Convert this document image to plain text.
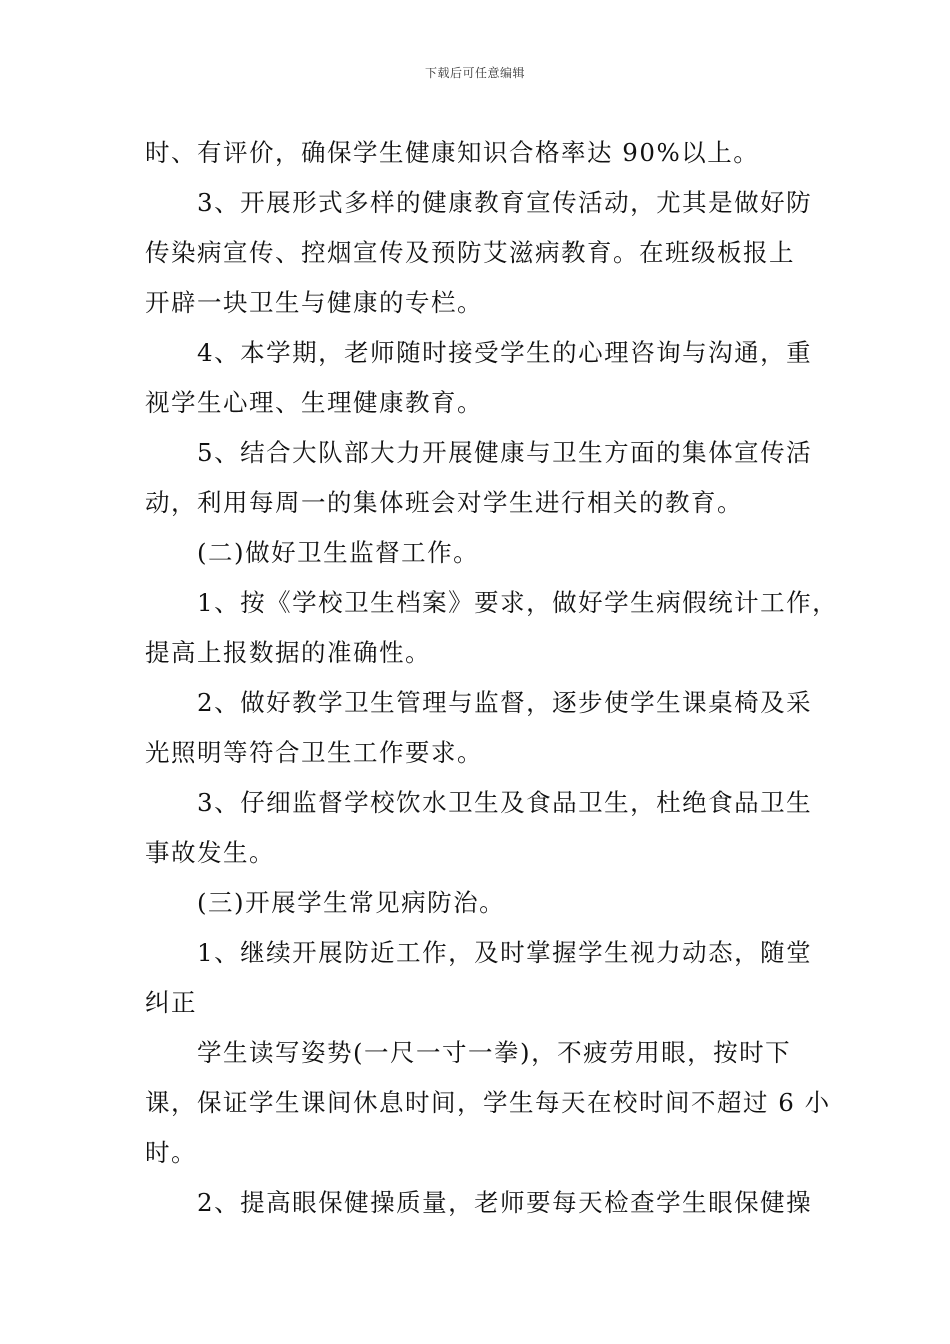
下载后可任意编辑
时、有评价，确保学生健康知识合格率达 90%以上。
3、开展形式多样的健康教育宣传活动，尤其是做好防
传染病宣传、控烟宣传及预防艾滋病教育。在班级板报上
开辟一块卫生与健康的专栏。
4、本学期，老师随时接受学生的心理咨询与沟通，重
视学生心理、生理健康教育。
5、结合大队部大力开展健康与卫生方面的集体宣传活
动，利用每周一的集体班会对学生进行相关的教育。
(二)做好卫生监督工作。
1、按《学校卫生档案》要求，做好学生病假统计工作，
提高上报数据的准确性。
2、做好教学卫生管理与监督，逐步使学生课桌椅及采
光照明等符合卫生工作要求。
3、仔细监督学校饮水卫生及食品卫生，杜绝食品卫生
事故发生。
(三)开展学生常见病防治。
1、继续开展防近工作，及时掌握学生视力动态，随堂
纠正
学生读写姿势(一尺一寸一拳)，不疲劳用眼，按时下
课，保证学生课间休息时间，学生每天在校时间不超过 6 小
时。
2、提高眼保健操质量，老师要每天检查学生眼保健操
